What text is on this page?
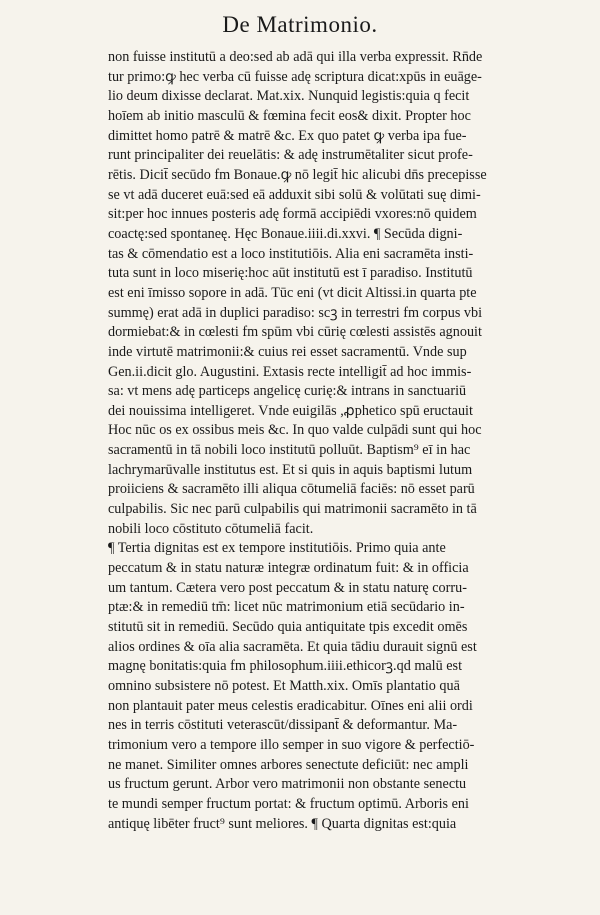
De Matrimonio.
non fuisse institutū a deo:sed ab adā qui illa verba expressit. Rn̄de
tur primo:ꝙ hec verba cū fuisse adę scriptura dicat:xpūs in euāge-
lio deum dixisse declarat. Mat.xix. Nunquid legistis:quia q fecit
hoīem ab initio masculū & fœmina fecit eos& dixit. Propter hoc
dimittet homo patrē & matrē &c. Ex quo patet ꝙ verba ipa fue-
runt principaliter dei reuelātis: & adę instrumētaliter sicut profe-
rētis. Dicit̄ secūdo fm Bonaue.ꝙ nō legit̄ hic alicubi dn̄s precepisse
se vt adā duceret euā:sed eā adduxit sibi solū & volūtati suę dimi-
sit:per hoc innues posteris adę formā accipiēdi vxores:nō quidem
coactę:sed spontaneę. Hęc Bonaue.iiii.di.xxvi. ¶ Secūda digni-
tas & cōmendatio est a loco institutiōis. Alia eni sacramēta insti-
tuta sunt in loco miserię:hoc aūt institutū est ī paradiso. Institutū
est eni īmisso sopore in adā. Tūc eni (vt dicit Altissi.in quarta pte
summę) erat adā in duplici paradiso: scꝫ in terrestri fm corpus vbi
dormiebat:& in cœlesti fm spūm vbi cūrię cœlesti assistēs agnouit
inde virtutē matrimonii:& cuius rei esset sacramentū. Vnde sup
Gen.ii.dicit glo. Augustini. Extasis recte intelligit̄ ad hoc immis-
sa: vt mens adę particeps angelicę curię:& intrans in sanctuariū
dei nouissima intelligeret. Vnde euigilās ,ꝓphetico spū eructauit
Hoc nūc os ex ossibus meis &c. In quo valde culpādi sunt qui hoc
sacramentū in tā nobili loco institutū polluūt. Baptism⁹ eī in hac
lachrymarūvalle institutus est. Et si quis in aquis baptismi lutum
proiiciens & sacramēto illi aliqua cōtumeliā faciēs: nō esset parū
culpabilis. Sic nec parū culpabilis qui matrimonii sacramēto in tā
nobili loco cōstituto cōtumeliā facit.
¶ Tertia dignitas est ex tempore institutiōis. Primo quia ante
peccatum & in statu naturæ integræ ordinatum fuit: & in officia
um tantum. Cætera vero post peccatum & in statu naturę corru-
ptæ:& in remediū tm̄: licet nūc matrimonium etiā secūdario in-
stitutū sit in remediū. Secūdo quia antiquitate tpis excedit omēs
alios ordines & oīa alia sacramēta. Et quia tādiu durauit signū est
magnę bonitatis:quia fm philosophum.iiii.ethicorꝫ.qd malū est
omnino subsistere nō potest. Et Matth.xix. Omīs plantatio quā
non plantauit pater meus celestis eradicabitur. Oīnes eni alii ordi
nes in terris cōstituti veterascūt/dissipant̄ & deformantur. Ma-
trimonium vero a tempore illo semper in suo vigore & perfectiō-
ne manet. Similiter omnes arbores senectute deficiūt: nec ampli
us fructum gerunt. Arbor vero matrimonii non obstante senectu
te mundi semper fructum portat: & fructum optimū. Arboris eni
antiquę libēter fruct⁹ sunt meliores. ¶ Quarta dignitas est:quia
